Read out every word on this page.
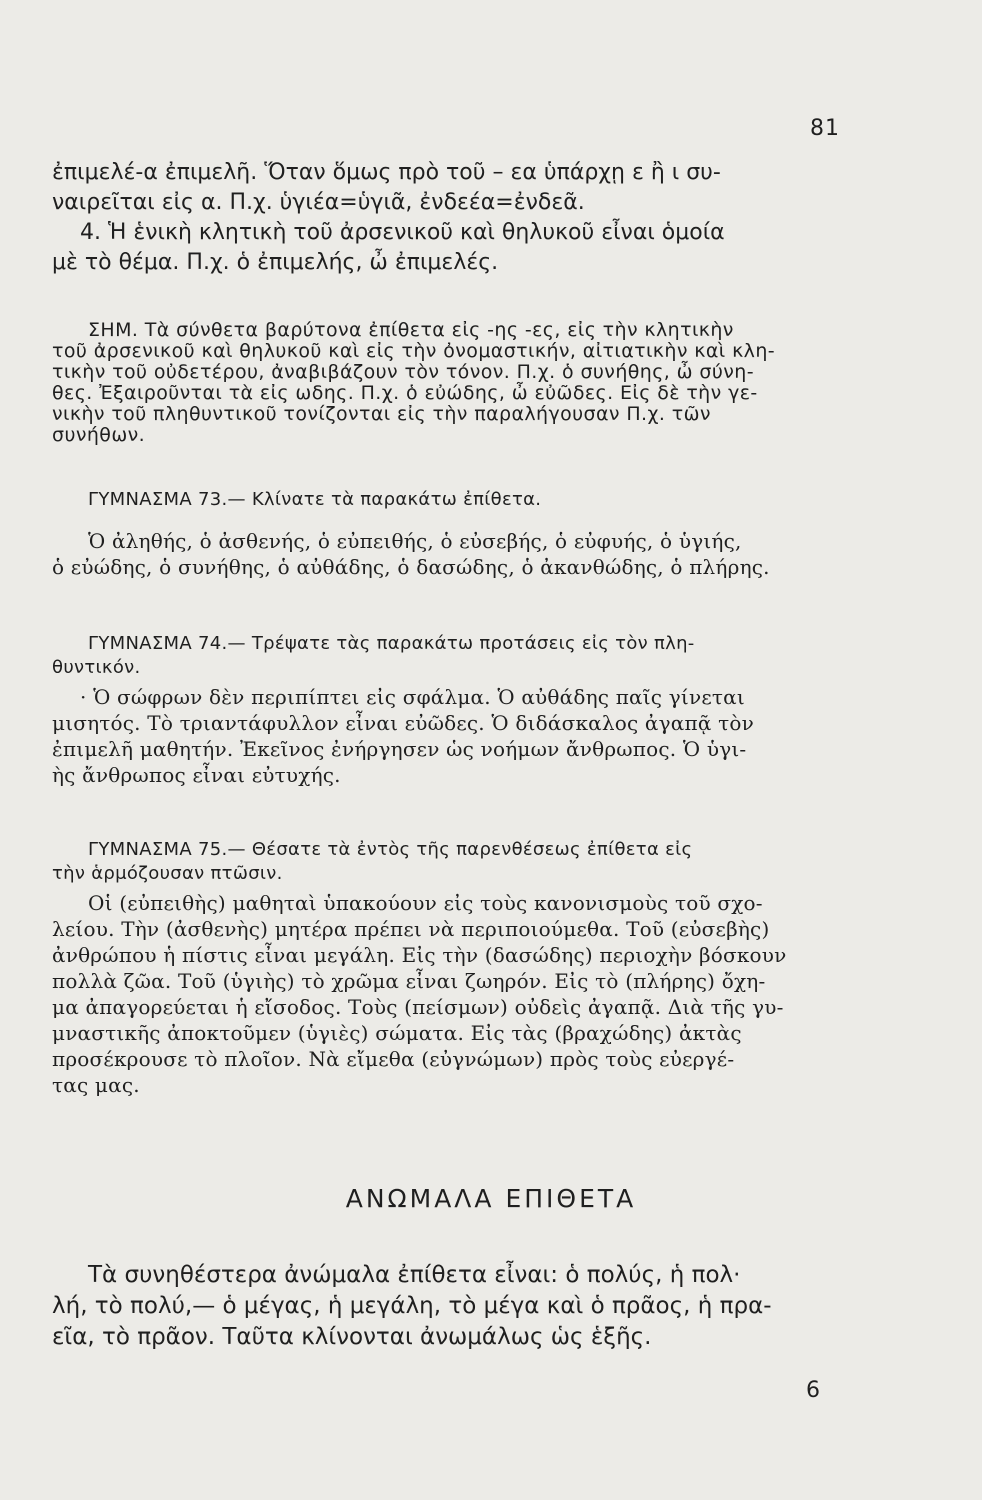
81
ἐπιμελέ-α ἐπιμελῆ. Ὅταν ὅμως πρὸ τοῦ – εα ὑπάρχῃ ε ἢ ι συ-
ναιρεῖται εἰς α. Π.χ. ὑγιέα=ὑγιᾶ, ἐνδεέα=ἐνδεᾶ.
4. Ἡ ἑνικὴ κλητικὴ τοῦ ἀρσενικοῦ καὶ θηλυκοῦ εἶναι ὁμοία
μὲ τὸ θέμα. Π.χ. ὁ ἐπιμελής, ὦ ἐπιμελές.
ΣΗΜ. Τὰ σύνθετα βαρύτονα ἐπίθετα εἰς -ης -ες, εἰς τὴν κλητικὴν
τοῦ ἀρσενικοῦ καὶ θηλυκοῦ καὶ εἰς τὴν ὀνομαστικήν, αἰτιατικὴν καὶ κλη-
τικὴν τοῦ οὐδετέρου, ἀναβιβάζουν τὸν τόνον. Π.χ. ὁ συνήθης, ὦ σύνη-
θες. Ἐξαιροῦνται τὰ εἰς ωδης. Π.χ. ὁ εὐώδης, ὦ εὐῶδες. Εἰς δὲ τὴν γε-
νικὴν τοῦ πληθυντικοῦ τονίζονται εἰς τὴν παραλήγουσαν Π.χ. τῶν
συνήθων.
ΓΥΜΝΑΣΜΑ 73.— Κλίνατε τὰ παρακάτω ἐπίθετα.
Ὁ ἀληθής, ὁ ἀσθενής, ὁ εὐπειθής, ὁ εὐσεβής, ὁ εὐφυής, ὁ ὑγιής,
ὁ εὐώδης, ὁ συνήθης, ὁ αὐθάδης, ὁ δασώδης, ὁ ἀκανθώδης, ὁ πλήρης.
ΓΥΜΝΑΣΜΑ 74.— Τρέψατε τὰς παρακάτω προτάσεις εἰς τὸν πλη-
θυντικόν.
· Ὁ σώφρων δὲν περιπίπτει εἰς σφάλμα. Ὁ αὐθάδης παῖς γίνεται
μισητός. Τὸ τριαντάφυλλον εἶναι εὐῶδες. Ὁ διδάσκαλος ἀγαπᾷ τὸν
ἐπιμελῆ μαθητήν. Ἐκεῖνος ἐνήργησεν ὡς νοήμων ἄνθρωπος. Ὁ ὑγι-
ὴς ἄνθρωπος εἶναι εὐτυχής.
ΓΥΜΝΑΣΜΑ 75.— Θέσατε τὰ ἐντὸς τῆς παρενθέσεως ἐπίθετα εἰς
τὴν ἁρμόζουσαν πτῶσιν.
Οἱ (εὐπειθὴς) μαθηταὶ ὑπακούουν εἰς τοὺς κανονισμοὺς τοῦ σχο-
λείου. Τὴν (ἀσθενὴς) μητέρα πρέπει νὰ περιποιούμεθα. Τοῦ (εὐσεβὴς)
ἀνθρώπου ἡ πίστις εἶναι μεγάλη. Εἰς τὴν (δασώδης) περιοχὴν βόσκουν
πολλὰ ζῶα. Τοῦ (ὑγιὴς) τὸ χρῶμα εἶναι ζωηρόν. Εἰς τὸ (πλήρης) ὄχη-
μα ἀπαγορεύεται ἡ εἴσοδος. Τοὺς (πείσμων) οὐδεὶς ἀγαπᾷ. Διὰ τῆς γυ-
μναστικῆς ἀποκτοῦμεν (ὑγιὲς) σώματα. Εἰς τὰς (βραχώδης) ἀκτὰς
προσέκρουσε τὸ πλοῖον. Νὰ εἴμεθα (εὐγνώμων) πρὸς τοὺς εὐεργέ-
τας μας.
ΑΝΩΜΑΛΑ ΕΠΙΘΕΤΑ
Τὰ συνηθέστερα ἀνώμαλα ἐπίθετα εἶναι: ὁ πολύς, ἡ πολ·
λή, τὸ πολύ,— ὁ μέγας, ἡ μεγάλη, τὸ μέγα καὶ ὁ πρᾶος, ἡ πρα-
εῖα, τὸ πρᾶον. Ταῦτα κλίνονται ἀνωμάλως ὡς ἑξῆς.
6
